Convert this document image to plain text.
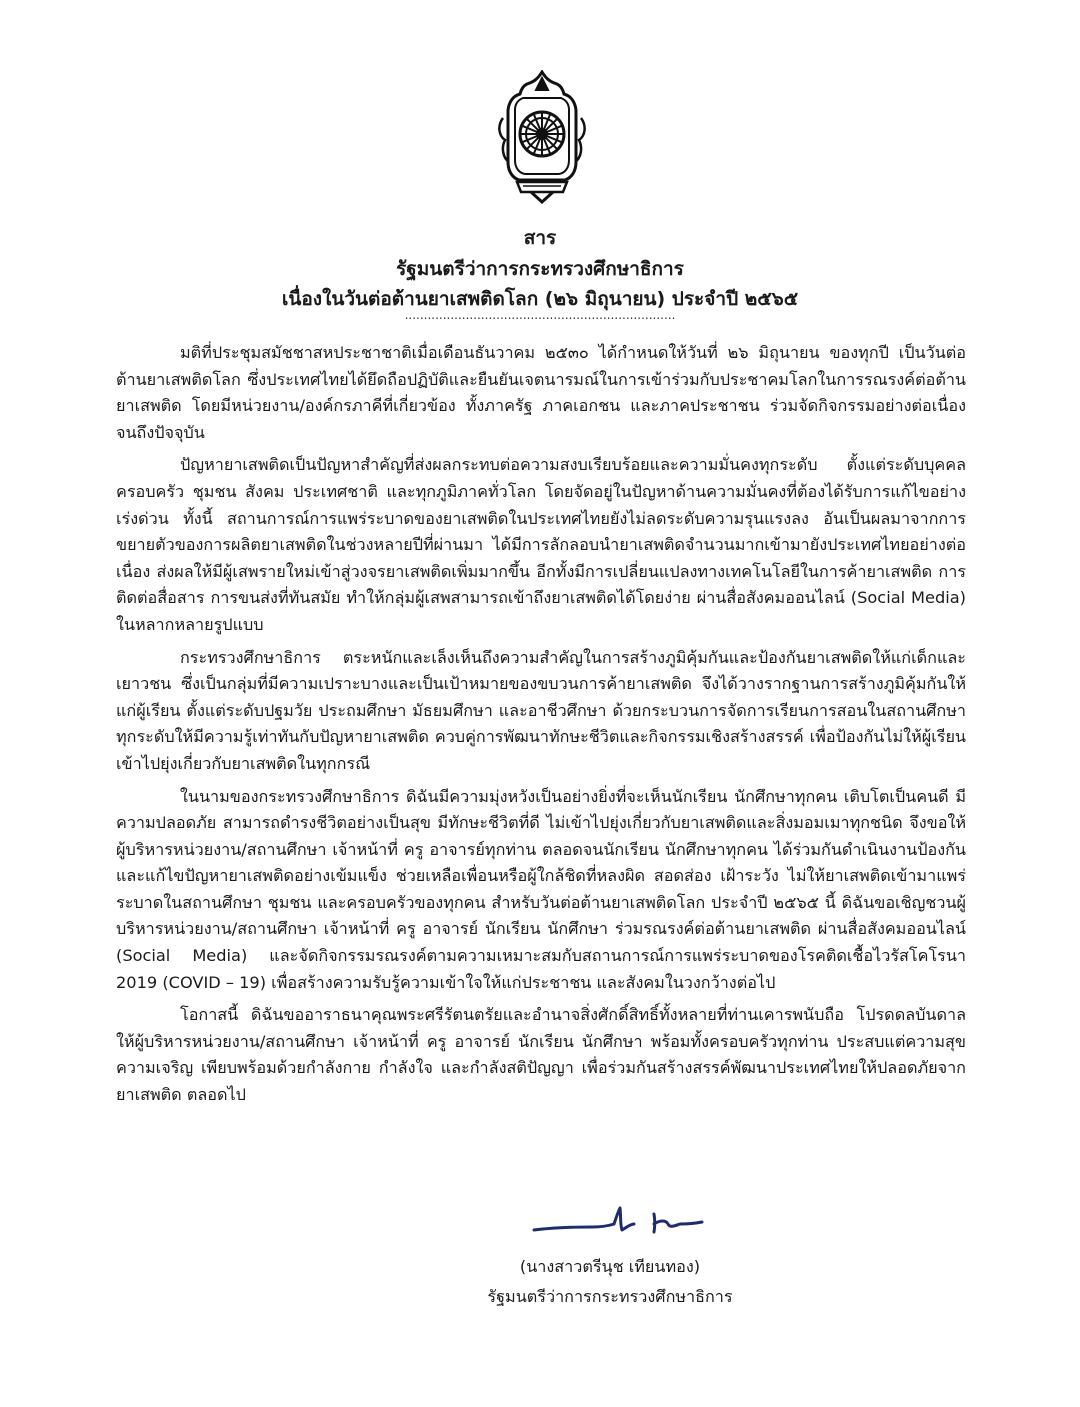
สาร
รัฐมนตรีว่าการกระทรวงศึกษาธิการ
เนื่องในวันต่อต้านยาเสพติดโลก (๒๖ มิถุนายน) ประจำปี ๒๕๖๕
.......................................................................

มติที่ประชุมสมัชชาสหประชาชาติเมื่อเดือนธันวาคม ๒๕๓๐ ได้กำหนดให้วันที่ ๒๖ มิถุนายน ของทุกปี เป็นวันต่อต้านยาเสพติดโลก ซึ่งประเทศไทยได้ยึดถือปฏิบัติและยืนยันเจตนารมณ์ในการเข้าร่วมกับประชาคมโลกในการรณรงค์ต่อต้านยาเสพติด โดยมีหน่วยงาน/องค์กรภาคีที่เกี่ยวข้อง ทั้งภาครัฐ ภาคเอกชน และภาคประชาชน ร่วมจัดกิจกรรมอย่างต่อเนื่องจนถึงปัจจุบัน

ปัญหายาเสพติดเป็นปัญหาสำคัญที่ส่งผลกระทบต่อความสงบเรียบร้อยและความมั่นคงทุกระดับ ตั้งแต่ระดับบุคคล ครอบครัว ชุมชน สังคม ประเทศชาติ และทุกภูมิภาคทั่วโลก โดยจัดอยู่ในปัญหาด้านความมั่นคงที่ต้องได้รับการแก้ไขอย่างเร่งด่วน ทั้งนี้ สถานการณ์การแพร่ระบาดของยาเสพติดในประเทศไทยยังไม่ลดระดับความรุนแรงลง อันเป็นผลมาจากการขยายตัวของการผลิตยาเสพติดในช่วงหลายปีที่ผ่านมา ได้มีการลักลอบนำยาเสพติดจำนวนมากเข้ามายังประเทศไทยอย่างต่อเนื่อง ส่งผลให้มีผู้เสพรายใหม่เข้าสู่วงจรยาเสพติดเพิ่มมากขึ้น อีกทั้งมีการเปลี่ยนแปลงทางเทคโนโลยีในการค้ายาเสพติด การติดต่อสื่อสาร การขนส่งที่ทันสมัย ทำให้กลุ่มผู้เสพสามารถเข้าถึงยาเสพติดได้โดยง่าย ผ่านสื่อสังคมออนไลน์ (Social Media) ในหลากหลายรูปแบบ

กระทรวงศึกษาธิการ ตระหนักและเล็งเห็นถึงความสำคัญในการสร้างภูมิคุ้มกันและป้องกันยาเสพติดให้แก่เด็กและเยาวชน ซึ่งเป็นกลุ่มที่มีความเปราะบางและเป็นเป้าหมายของขบวนการค้ายาเสพติด จึงได้วางรากฐานการสร้างภูมิคุ้มกันให้แก่ผู้เรียน ตั้งแต่ระดับปฐมวัย ประถมศึกษา มัธยมศึกษา และอาชีวศึกษา ด้วยกระบวนการจัดการเรียนการสอนในสถานศึกษาทุกระดับให้มีความรู้เท่าทันกับปัญหายาเสพติด ควบคู่การพัฒนาทักษะชีวิตและกิจกรรมเชิงสร้างสรรค์ เพื่อป้องกันไม่ให้ผู้เรียนเข้าไปยุ่งเกี่ยวกับยาเสพติดในทุกกรณี

ในนามของกระทรวงศึกษาธิการ ดิฉันมีความมุ่งหวังเป็นอย่างยิ่งที่จะเห็นนักเรียน นักศึกษาทุกคน เติบโตเป็นคนดี มีความปลอดภัย สามารถดำรงชีวิตอย่างเป็นสุข มีทักษะชีวิตที่ดี ไม่เข้าไปยุ่งเกี่ยวกับยาเสพติดและสิ่งมอมเมาทุกชนิด จึงขอให้ผู้บริหารหน่วยงาน/สถานศึกษา เจ้าหน้าที่ ครู อาจารย์ทุกท่าน ตลอดจนนักเรียน นักศึกษาทุกคน ได้ร่วมกันดำเนินงานป้องกันและแก้ไขปัญหายาเสพติดอย่างเข้มแข็ง ช่วยเหลือเพื่อนหรือผู้ใกล้ชิดที่หลงผิด สอดส่อง เฝ้าระวัง ไม่ให้ยาเสพติดเข้ามาแพร่ระบาดในสถานศึกษา ชุมชน และครอบครัวของทุกคน สำหรับวันต่อต้านยาเสพติดโลก ประจำปี ๒๕๖๕ นี้ ดิฉันขอเชิญชวนผู้บริหารหน่วยงาน/สถานศึกษา เจ้าหน้าที่ ครู อาจารย์ นักเรียน นักศึกษา ร่วมรณรงค์ต่อต้านยาเสพติด ผ่านสื่อสังคมออนไลน์ (Social Media) และจัดกิจกรรมรณรงค์ตามความเหมาะสมกับสถานการณ์การแพร่ระบาดของโรคติดเชื้อไวรัสโคโรนา 2019 (COVID – 19) เพื่อสร้างความรับรู้ความเข้าใจให้แก่ประชาชน และสังคมในวงกว้างต่อไป

โอกาสนี้ ดิฉันขออาราธนาคุณพระศรีรัตนตรัยและอำนาจสิ่งศักดิ์สิทธิ์ทั้งหลายที่ท่านเคารพนับถือ โปรดดลบันดาลให้ผู้บริหารหน่วยงาน/สถานศึกษา เจ้าหน้าที่ ครู อาจารย์ นักเรียน นักศึกษา พร้อมทั้งครอบครัวทุกท่าน ประสบแต่ความสุข ความเจริญ เพียบพร้อมด้วยกำลังกาย กำลังใจ และกำลังสติปัญญา เพื่อร่วมกันสร้างสรรค์พัฒนาประเทศไทยให้ปลอดภัยจากยาเสพติด ตลอดไป

(นางสาวตรีนุช เทียนทอง)
รัฐมนตรีว่าการกระทรวงศึกษาธิการ
